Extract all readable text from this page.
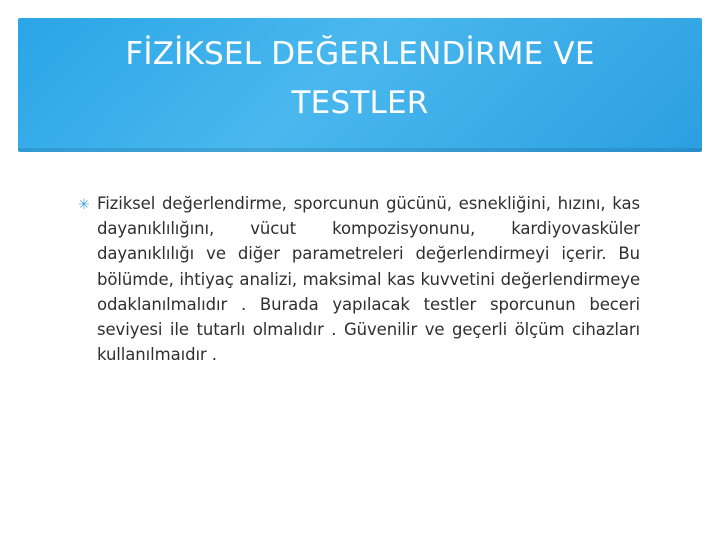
FİZİKSEL DEĞERLENDİRME VE
TESTLER
✳ Fiziksel değerlendirme, sporcunun gücünü, esnekliğini, hızını, kas dayanıklılığını, vücut kompozisyonunu, kardiyovasküler dayanıklılığı ve diğer parametreleri değerlendirmeyi içerir. Bu bölümde, ihtiyaç analizi, maksimal kas kuvvetini değerlendirmeye odaklanılmalıdır . Burada yapılacak testler sporcunun beceri seviyesi ile tutarlı olmalıdır . Güvenilir ve geçerli ölçüm cihazları kullanılmaıdır .
